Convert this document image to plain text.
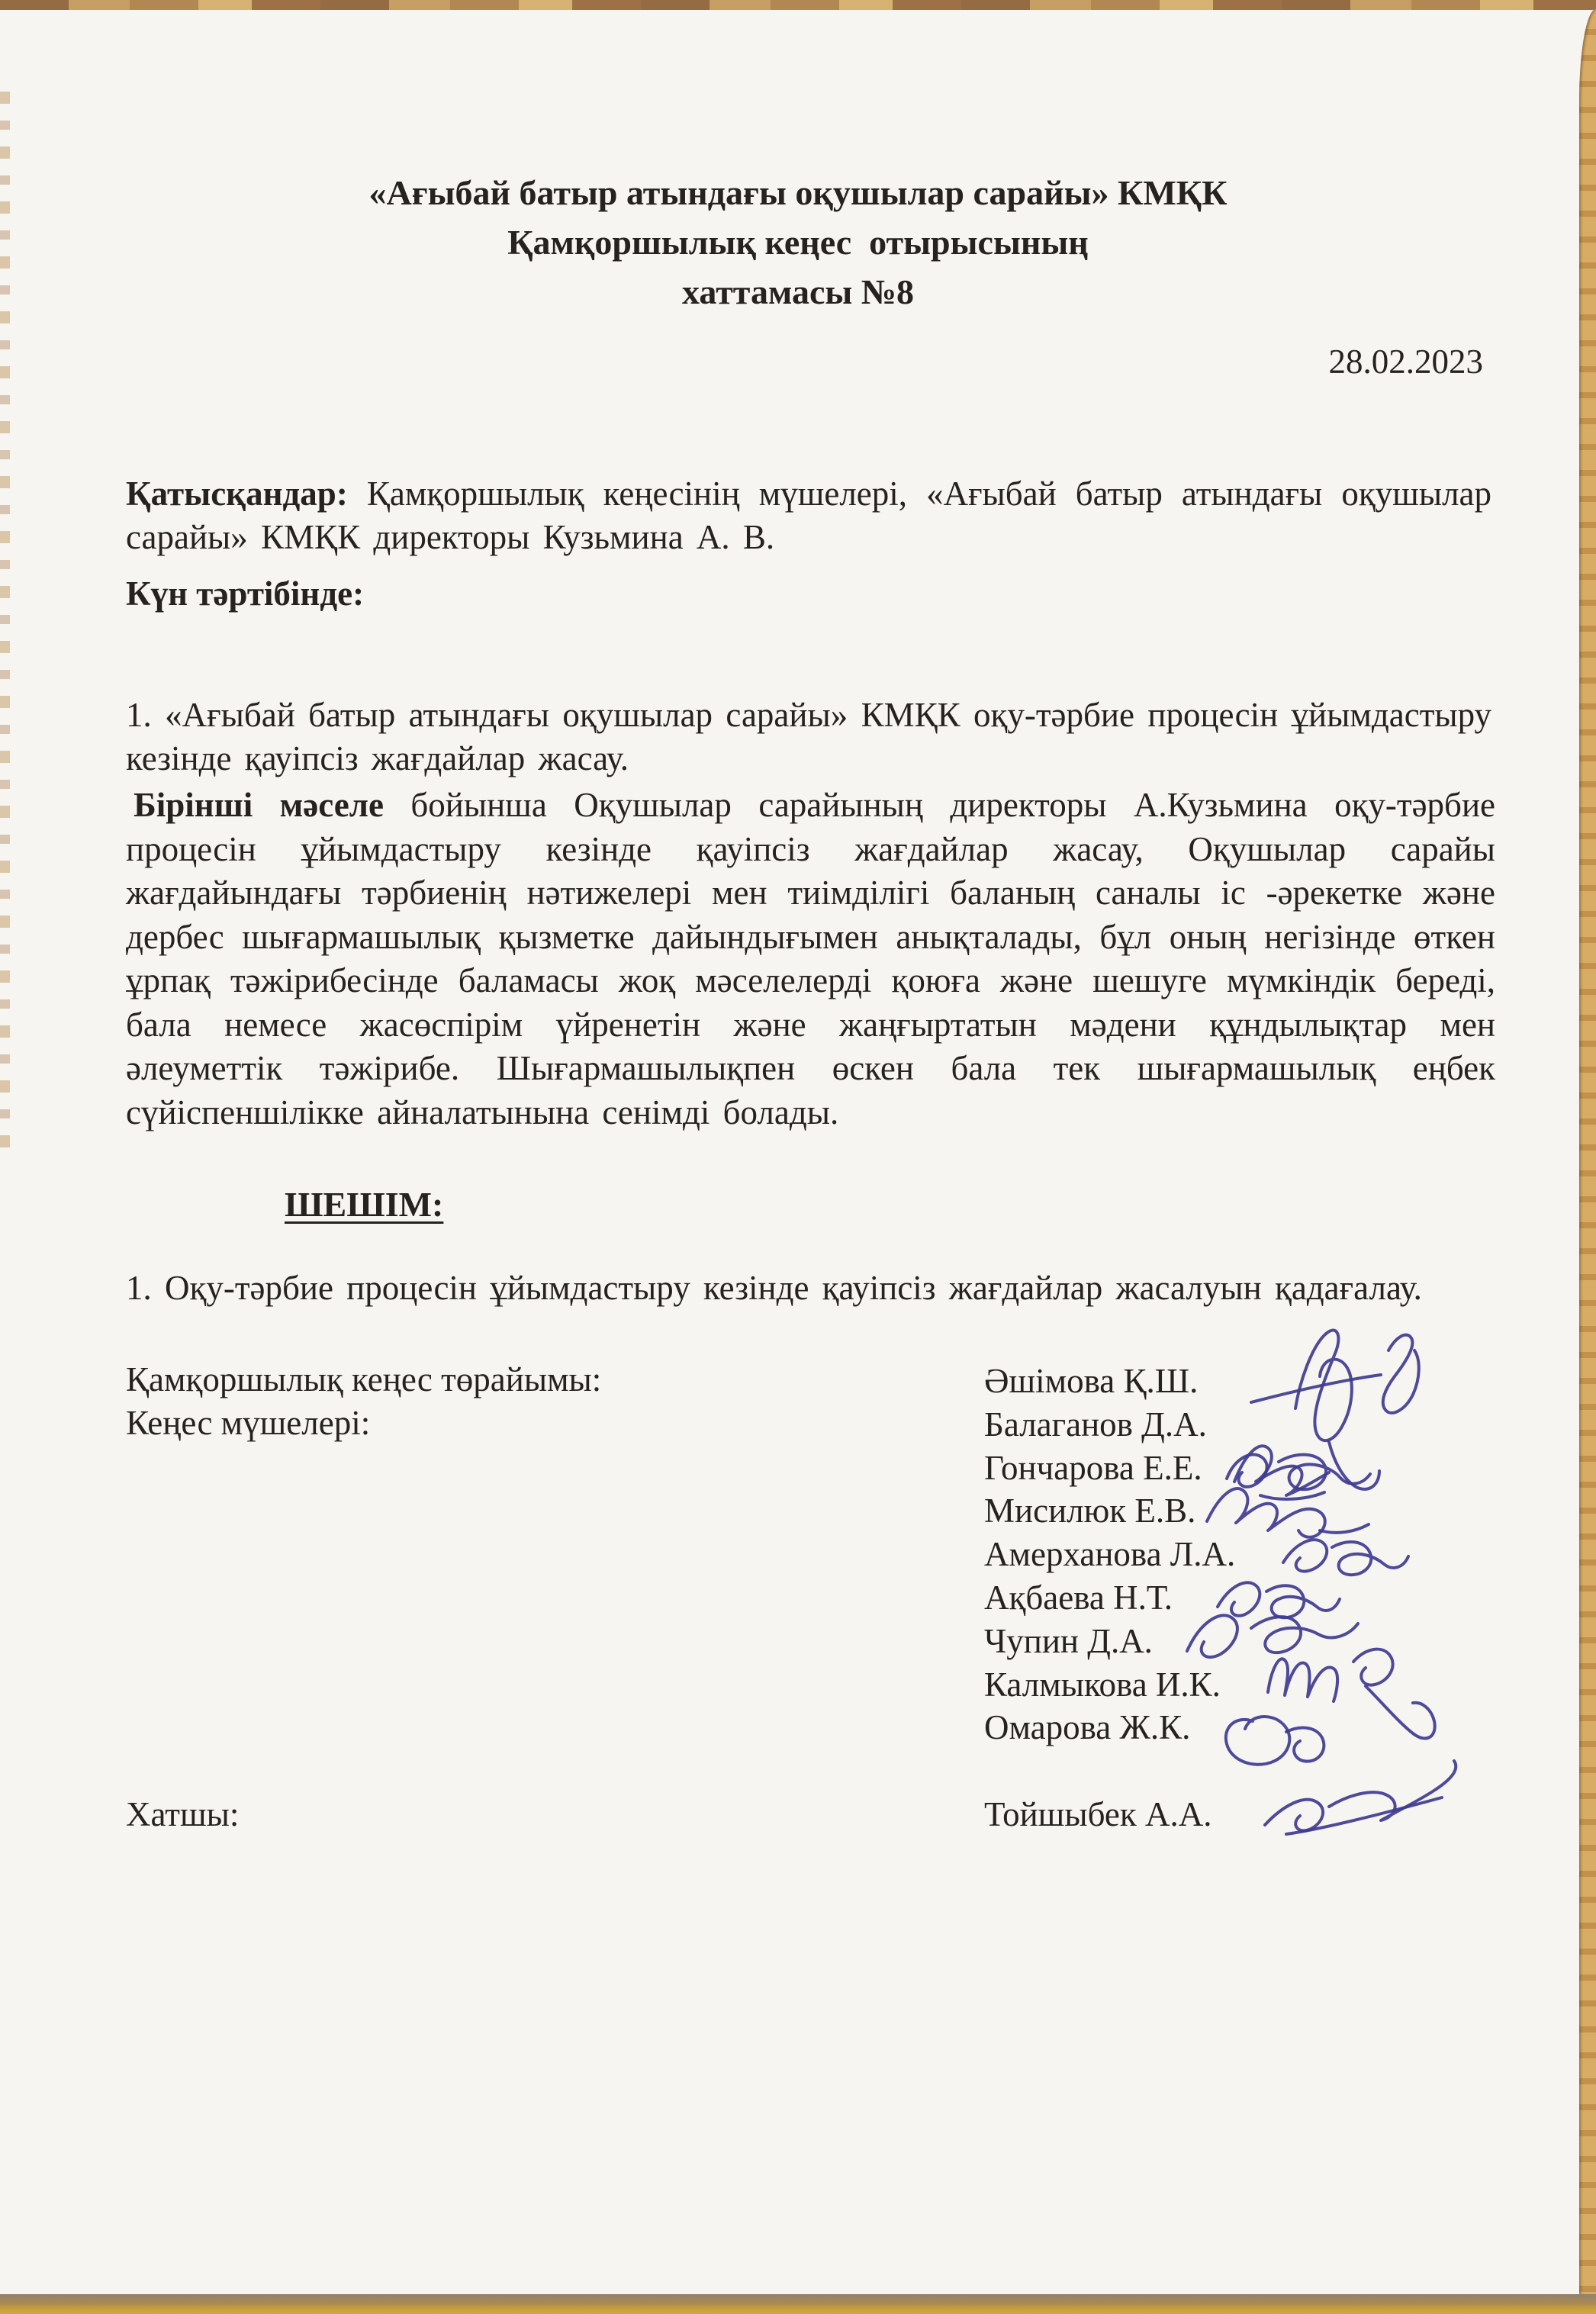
«Ағыбай батыр атындағы оқушылар сарайы» КМҚК
Қамқоршылық кеңес  отырысының
хаттамасы №8
28.02.2023

Қатысқандар: Қамқоршылық кеңесінің мүшелері, «Ағыбай батыр атындағы оқушылар сарайы» КМҚК директоры Кузьмина А. В.

Күн тәртібінде:

1. «Ағыбай батыр атындағы оқушылар сарайы» КМҚК оқу-тәрбие процесін ұйымдастыру кезінде қауіпсіз жағдайлар жасау.

Бірінші мәселе бойынша Оқушылар сарайының директоры А.Кузьмина оқу-тәрбие процесін ұйымдастыру кезінде қауіпсіз жағдайлар жасау, Оқушылар сарайы жағдайындағы тәрбиенің нәтижелері мен тиімділігі баланың саналы іс -әрекетке және дербес шығармашылық қызметке дайындығымен анықталады, бұл оның негізінде өткен ұрпақ тәжірибесінде баламасы жоқ мәселелерді қоюға және шешуге мүмкіндік береді, бала немесе жасөспірім үйренетін және жаңғыртатын мәдени құндылықтар мен әлеуметтік тәжірибе. Шығармашылықпен өскен бала тек шығармашылық еңбек сүйіспеншілікке айналатынына сенімді болады.

ШЕШІМ:

1. Оқу-тәрбие процесін ұйымдастыру кезінде қауіпсіз жағдайлар жасалуын қадағалау.

Қамқоршылық кеңес төрайымы:
Кеңес мүшелері:
Хатшы:
Әшімова Қ.Ш.
Балаганов Д.А.
Гончарова Е.Е.
Мисилюк Е.В.
Амерханова Л.А.
Ақбаева Н.Т.
Чупин Д.А.
Калмыкова И.К.
Омарова Ж.К.
Тойшыбек А.А.
